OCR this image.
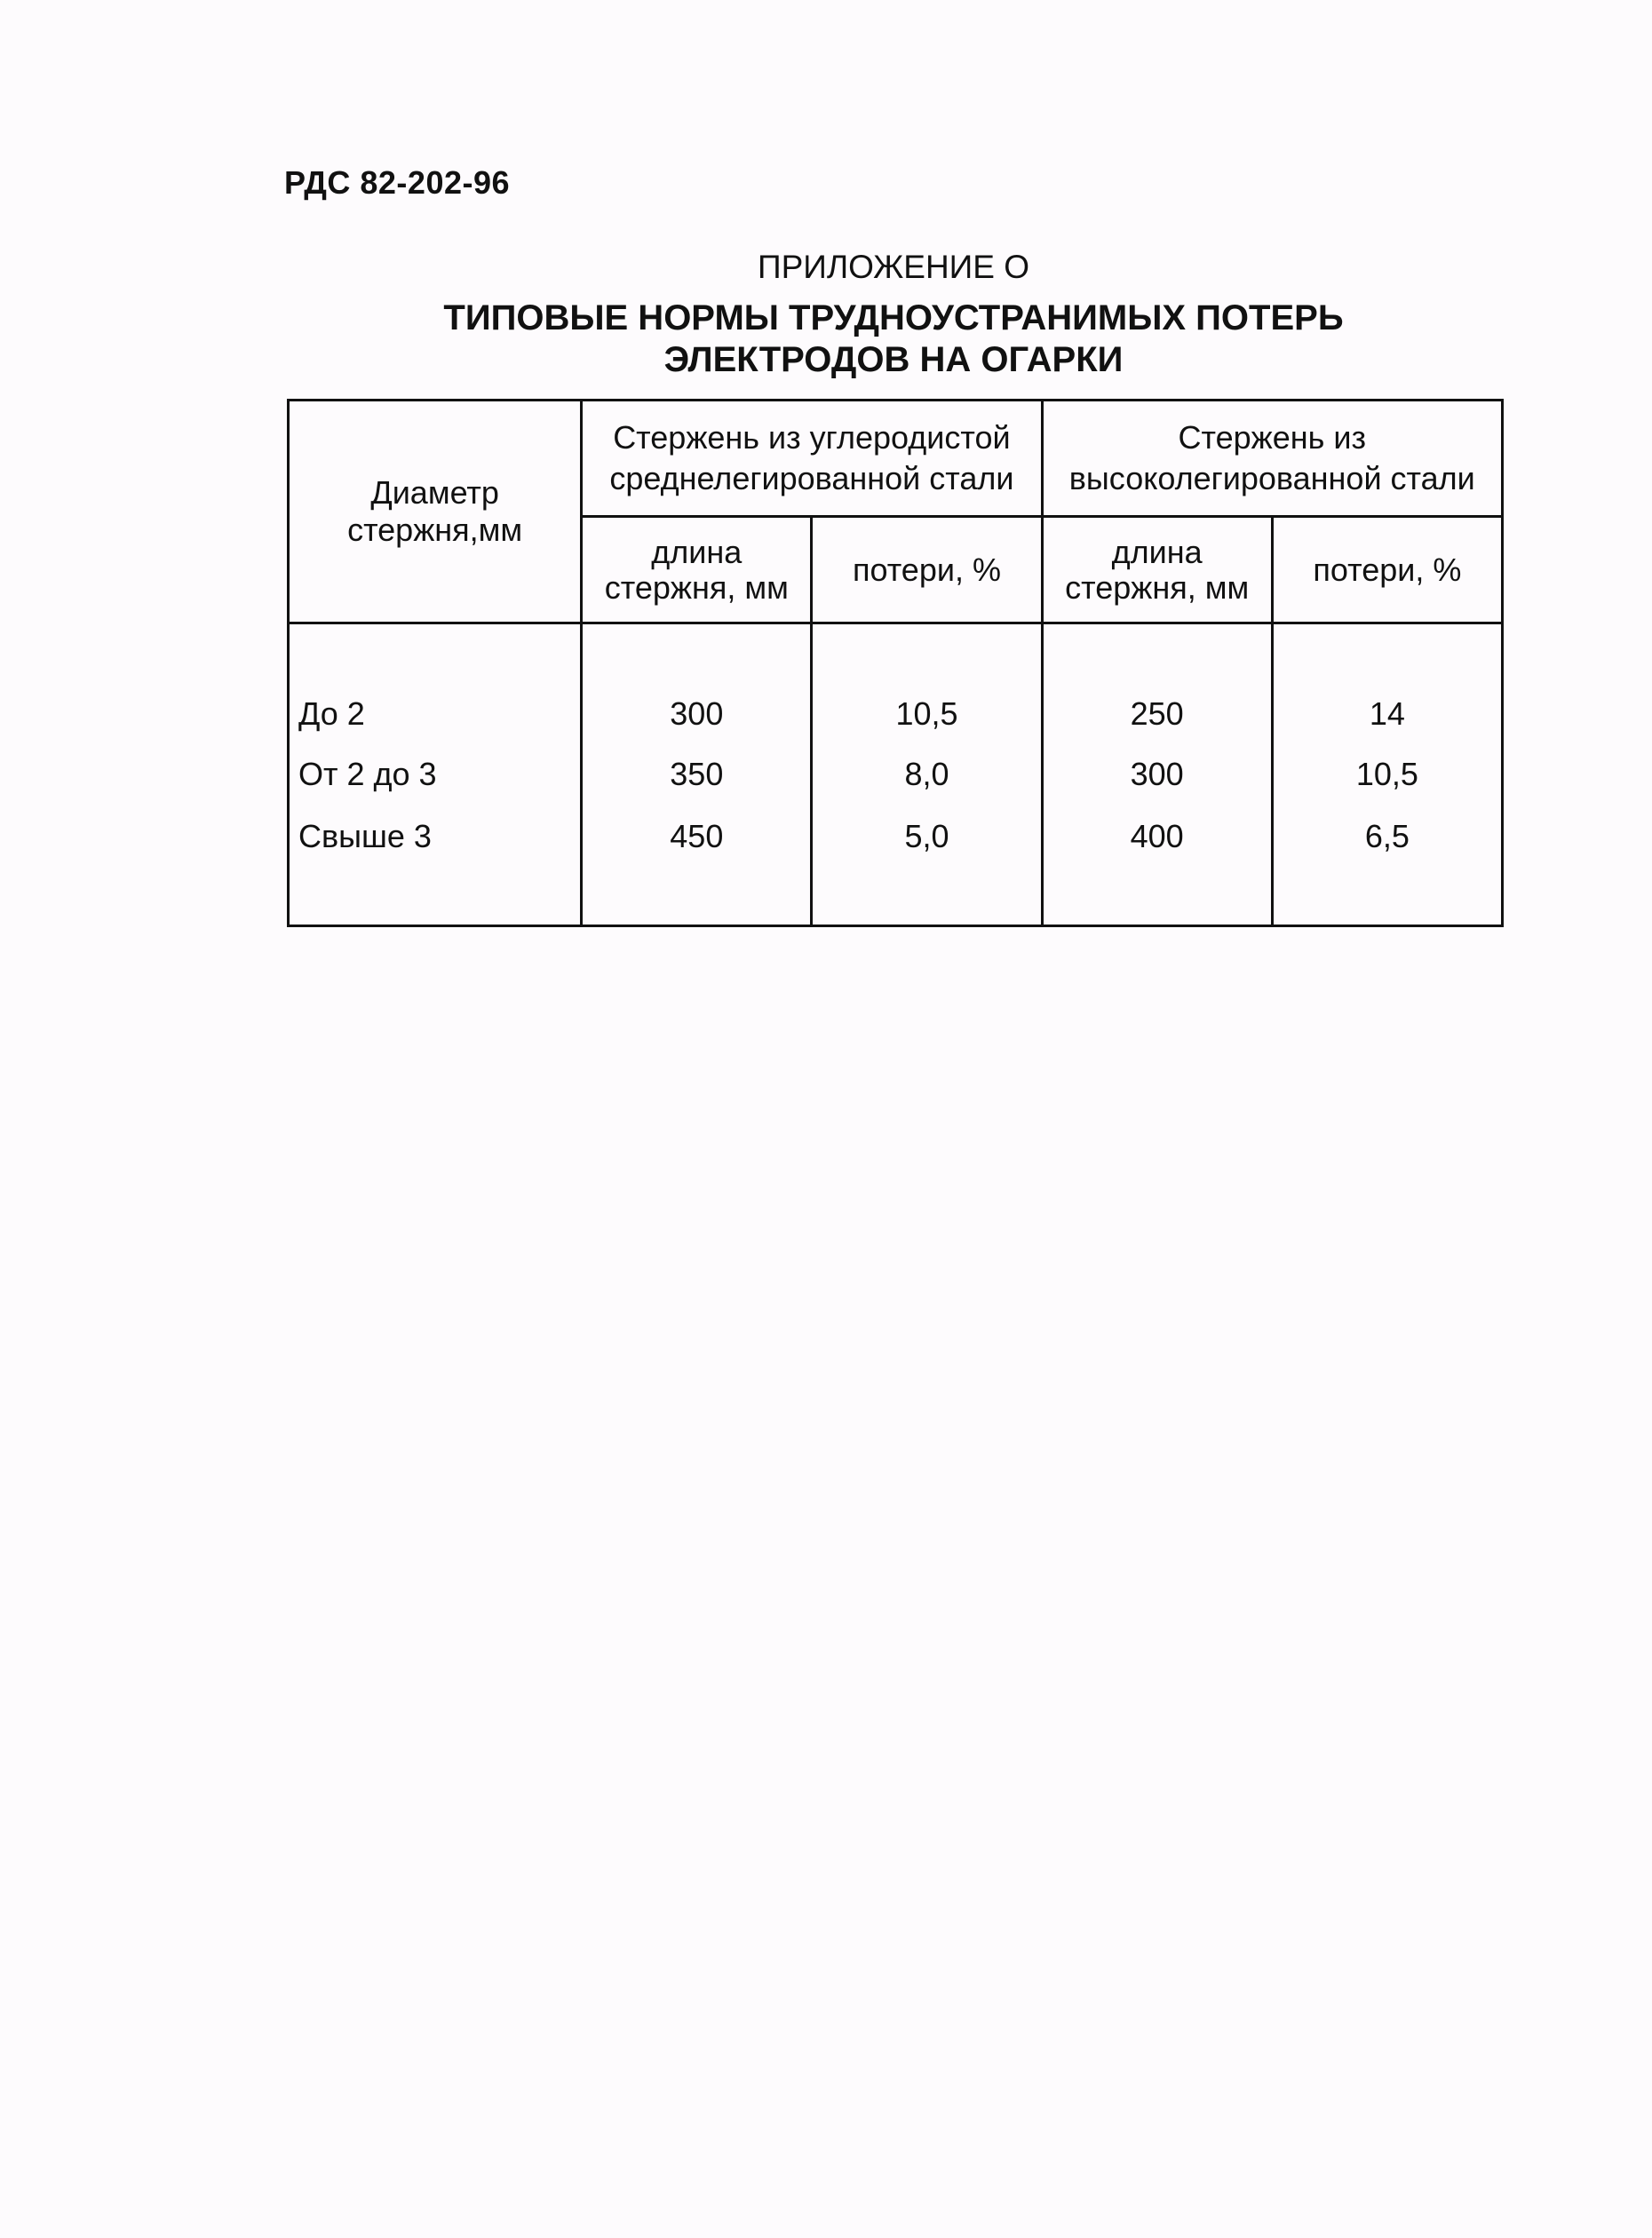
РДС 82-202-96
ПРИЛОЖЕНИЕ О
ТИПОВЫЕ НОРМЫ ТРУДНОУСТРАНИМЫХ ПОТЕРЬ
ЭЛЕКТРОДОВ НА ОГАРКИ
Диаметр стержня,мм	Стержень из углеродистой среднелегированной стали		Стержень из высоколегированной стали	
	длина стержня, мм	потери, %	длина стержня, мм	потери, %
До 2	300	10,5	250	14
От 2 до 3	350	8,0	300	10,5
Свыше 3	450	5,0	400	6,5
